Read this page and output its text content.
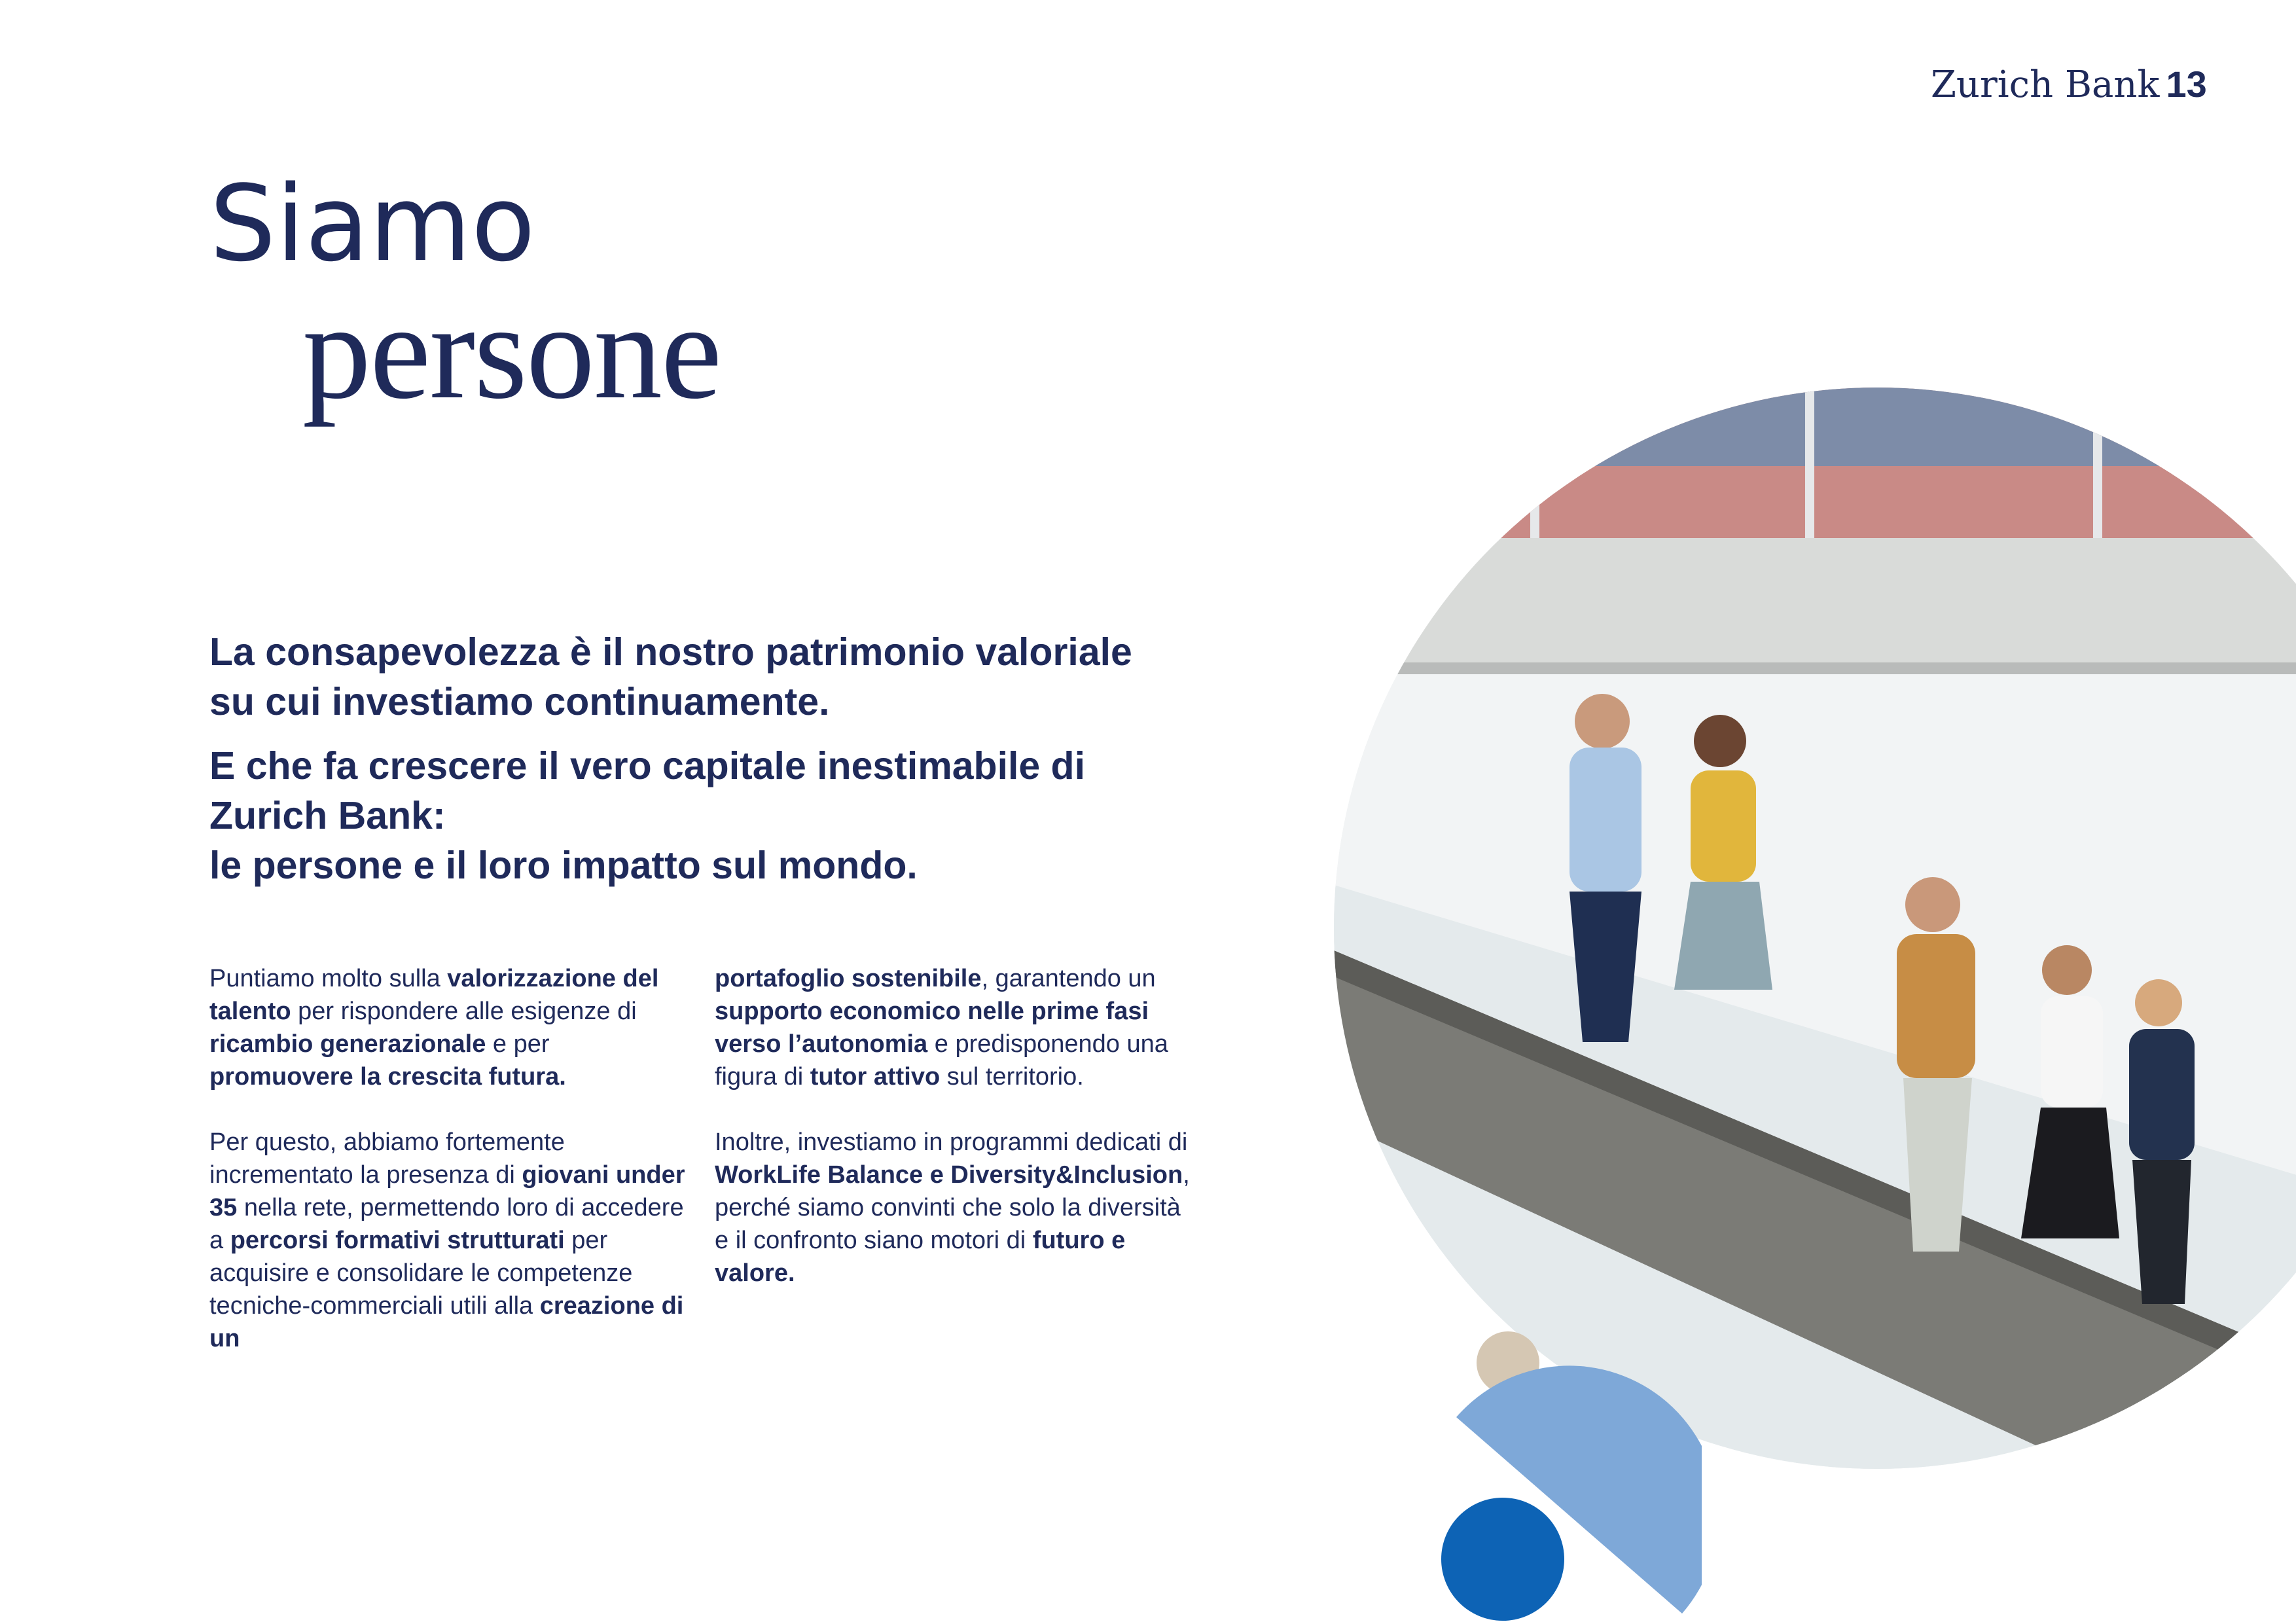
Zurich Bank 13
Siamo
persone

La consapevolezza è il nostro patrimonio valoriale su cui investiamo continuamente.

E che fa crescere il vero capitale inestimabile di Zurich Bank:
le persone e il loro impatto sul mondo.

Puntiamo molto sulla valorizzazione del talento per rispondere alle esigenze di ricambio generazionale e per promuovere la crescita futura.

Per questo, abbiamo fortemente incrementato la presenza di giovani under 35 nella rete, permettendo loro di accedere a percorsi formativi strutturati per acquisire e consolidare le competenze tecniche-commerciali utili alla creazione di un

portafoglio sostenibile, garantendo un supporto economico nelle prime fasi verso l’autonomia e predisponendo una figura di tutor attivo sul territorio.

Inoltre, investiamo in programmi dedicati di WorkLife Balance e Diversity&Inclusion, perché siamo convinti che solo la diversità e il confronto siano motori di futuro e valore.
